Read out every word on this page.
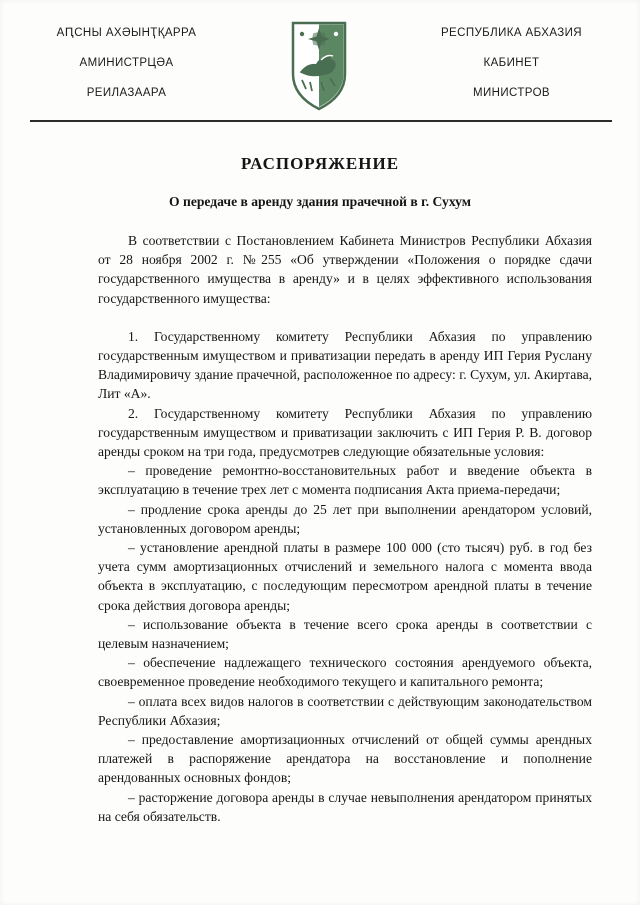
АԤСНЫ АХӘЫНҬҚАРРА
АМИНИСТРЦӘА
РЕИЛАЗААРА
РЕСПУБЛИКА АБХАЗИЯ
КАБИНЕТ
МИНИСТРОВ
РАСПОРЯЖЕНИЕ
О передаче в аренду здания прачечной в г. Сухум

В соответствии с Постановлением Кабинета Министров Республики Абхазия от 28 ноября 2002 г. №255 «Об утверждении «Положения о порядке сдачи государственного имущества в аренду» и в целях эффективного использования государственного имущества:

1. Государственному комитету Республики Абхазия по управлению государственным имуществом и приватизации передать в аренду ИП Герия Руслану Владимировичу здание прачечной, расположенное по адресу: г. Сухум, ул. Акиртава, Лит «А».

2. Государственному комитету Республики Абхазия по управлению государственным имуществом и приватизации заключить с ИП Герия Р. В. договор аренды сроком на три года, предусмотрев следующие обязательные условия:

– проведение ремонтно-восстановительных работ и введение объекта в эксплуатацию в течение трех лет с момента подписания Акта приема-передачи;

– продление срока аренды до 25 лет при выполнении арендатором условий, установленных договором аренды;

– установление арендной платы в размере 100 000 (сто тысяч) руб. в год без учета сумм амортизационных отчислений и земельного налога с момента ввода объекта в эксплуатацию, с последующим пересмотром арендной платы в течение срока действия договора аренды;

– использование объекта в течение всего срока аренды в соответствии с целевым назначением;

– обеспечение надлежащего технического состояния арендуемого объекта, своевременное проведение необходимого текущего и капитального ремонта;

– оплата всех видов налогов в соответствии с действующим законодательством Республики Абхазия;

– предоставление амортизационных отчислений от общей суммы арендных платежей в распоряжение арендатора на восстановление и пополнение арендованных основных фондов;

– расторжение договора аренды в случае невыполнения арендатором принятых на себя обязательств.
